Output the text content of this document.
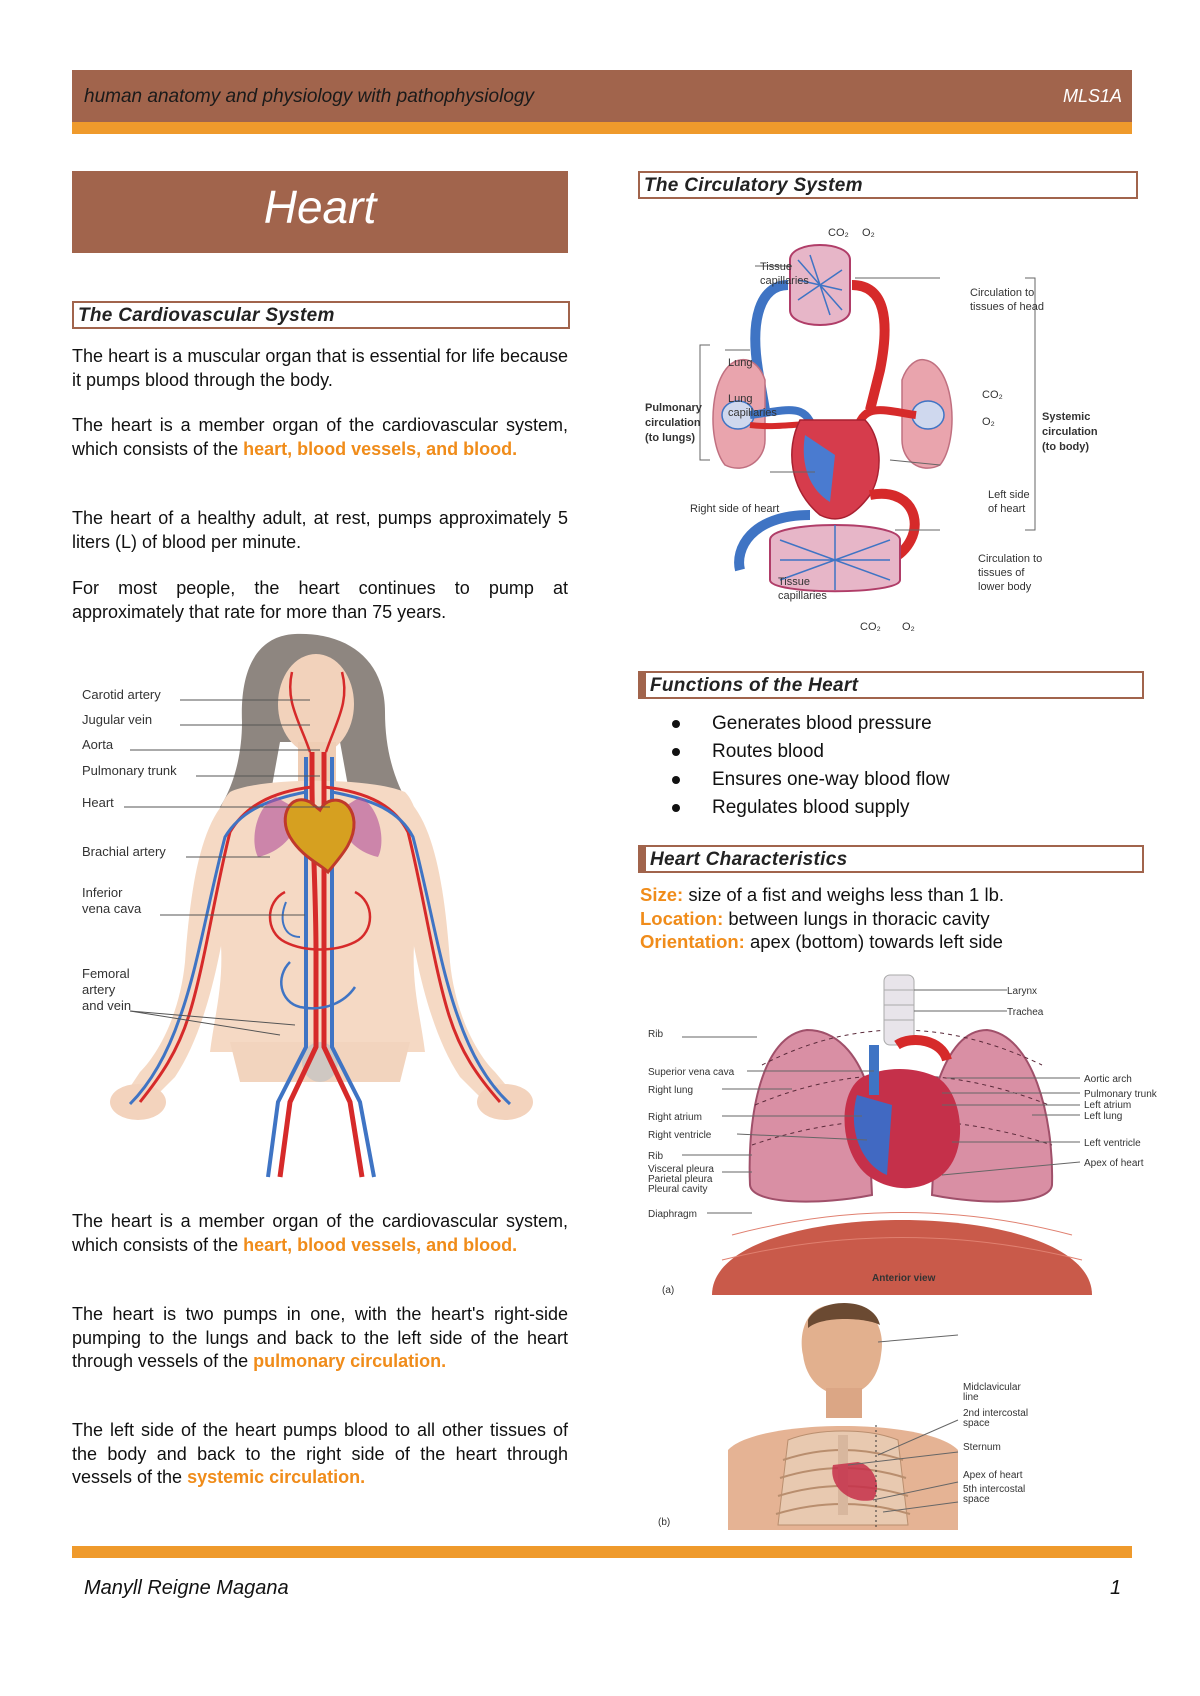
human anatomy and physiology with pathophysiology	MLS1A
Heart
The Cardiovascular System
The heart is a muscular organ that is essential for life because it pumps blood through the body.
The heart is a member organ of the cardiovascular system, which consists of the heart, blood vessels, and blood.
The heart of a healthy adult, at rest, pumps approximately 5 liters (L) of blood per minute.
For most people, the heart continues to pump at approximately that rate for more than 75 years.
Carotid artery
Jugular vein
Aorta
Pulmonary trunk
Heart
Brachial artery
Inferior
vena cava
Femoral
artery
and vein
The heart is a member organ of the cardiovascular system, which consists of the heart, blood vessels, and blood.
The heart is two pumps in one, with the heart's right-side pumping to the lungs and back to the left side of the heart through vessels of the pulmonary circulation.
The left side of the heart pumps blood to all other tissues of the body and back to the right side of the heart through vessels of the systemic circulation.
The Circulatory System
CO₂ O₂
Tissue
capillaries
Circulation to
tissues of head
Lung
Lung
capillaries
Pulmonary
circulation
(to lungs)
CO₂
O₂	Systemic
circulation
(to body)
Left side
of heart
Right side of heart
Circulation to
tissues of
lower body
Tissue
capillaries
CO₂ O₂
Functions of the Heart
Generates blood pressure
Routes blood
Ensures one-way blood flow
Regulates blood supply
Heart Characteristics
Size: size of a fist and weighs less than 1 lb.
Location: between lungs in thoracic cavity
Orientation: apex (bottom) towards left side
Rib
Superior vena cava
Right lung
Right atrium
Right ventricle
Rib
Visceral pleura
Parietal pleura
Pleural cavity
Diaphragm
Larynx
Trachea
Aortic arch
Pulmonary trunk
Left atrium
Left lung
Left ventricle
Apex of heart
Anterior view
(a)
Midclavicular
line
2nd intercostal
space
Sternum
Apex of heart
5th intercostal
space
(b)
Manyll Reigne Magana	1
